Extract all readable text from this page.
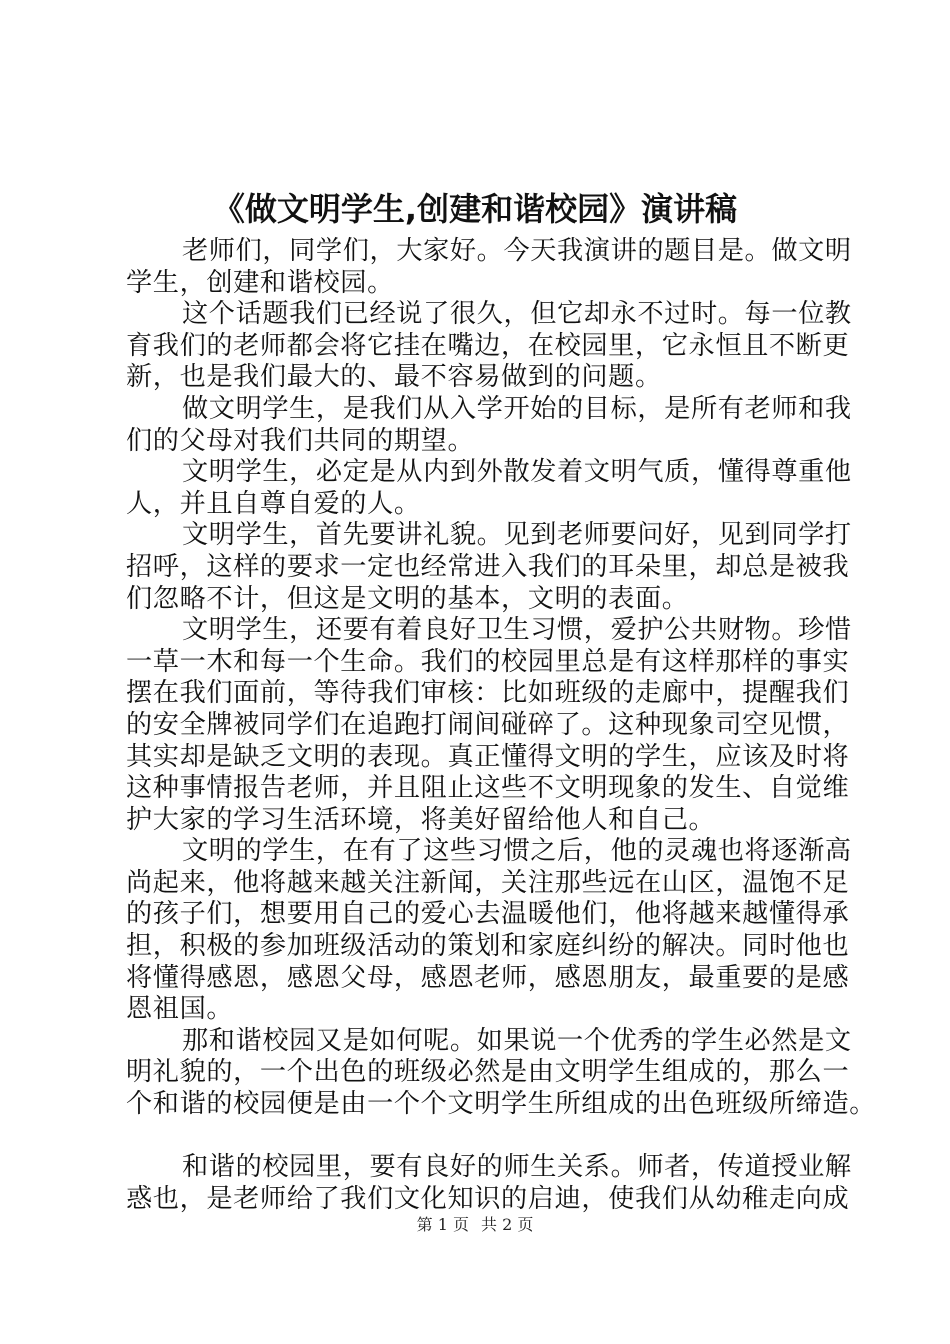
《做文明学生,创建和谐校园》演讲稿
老师们，同学们，大家好。今天我演讲的题目是。做文明
学生，创建和谐校园。
这个话题我们已经说了很久，但它却永不过时。每一位教
育我们的老师都会将它挂在嘴边，在校园里，它永恒且不断更
新，也是我们最大的、最不容易做到的问题。
做文明学生，是我们从入学开始的目标，是所有老师和我
们的父母对我们共同的期望。
文明学生，必定是从内到外散发着文明气质，懂得尊重他
人，并且自尊自爱的人。
文明学生，首先要讲礼貌。见到老师要问好，见到同学打
招呼，这样的要求一定也经常进入我们的耳朵里，却总是被我
们忽略不计，但这是文明的基本，文明的表面。
文明学生，还要有着良好卫生习惯，爱护公共财物。珍惜
一草一木和每一个生命。我们的校园里总是有这样那样的事实
摆在我们面前，等待我们审核：比如班级的走廊中，提醒我们
的安全牌被同学们在追跑打闹间碰碎了。这种现象司空见惯，
其实却是缺乏文明的表现。真正懂得文明的学生，应该及时将
这种事情报告老师，并且阻止这些不文明现象的发生、自觉维
护大家的学习生活环境，将美好留给他人和自己。
文明的学生，在有了这些习惯之后，他的灵魂也将逐渐高
尚起来，他将越来越关注新闻，关注那些远在山区，温饱不足
的孩子们，想要用自己的爱心去温暖他们，他将越来越懂得承
担，积极的参加班级活动的策划和家庭纠纷的解决。同时他也
将懂得感恩，感恩父母，感恩老师，感恩朋友，最重要的是感
恩祖国。
那和谐校园又是如何呢。如果说一个优秀的学生必然是文
明礼貌的，一个出色的班级必然是由文明学生组成的，那么一
个和谐的校园便是由一个个文明学生所组成的出色班级所缔造。
和谐的校园里，要有良好的师生关系。师者，传道授业解
惑也，是老师给了我们文化知识的启迪，使我们从幼稚走向成
第 1 页 共 2 页
